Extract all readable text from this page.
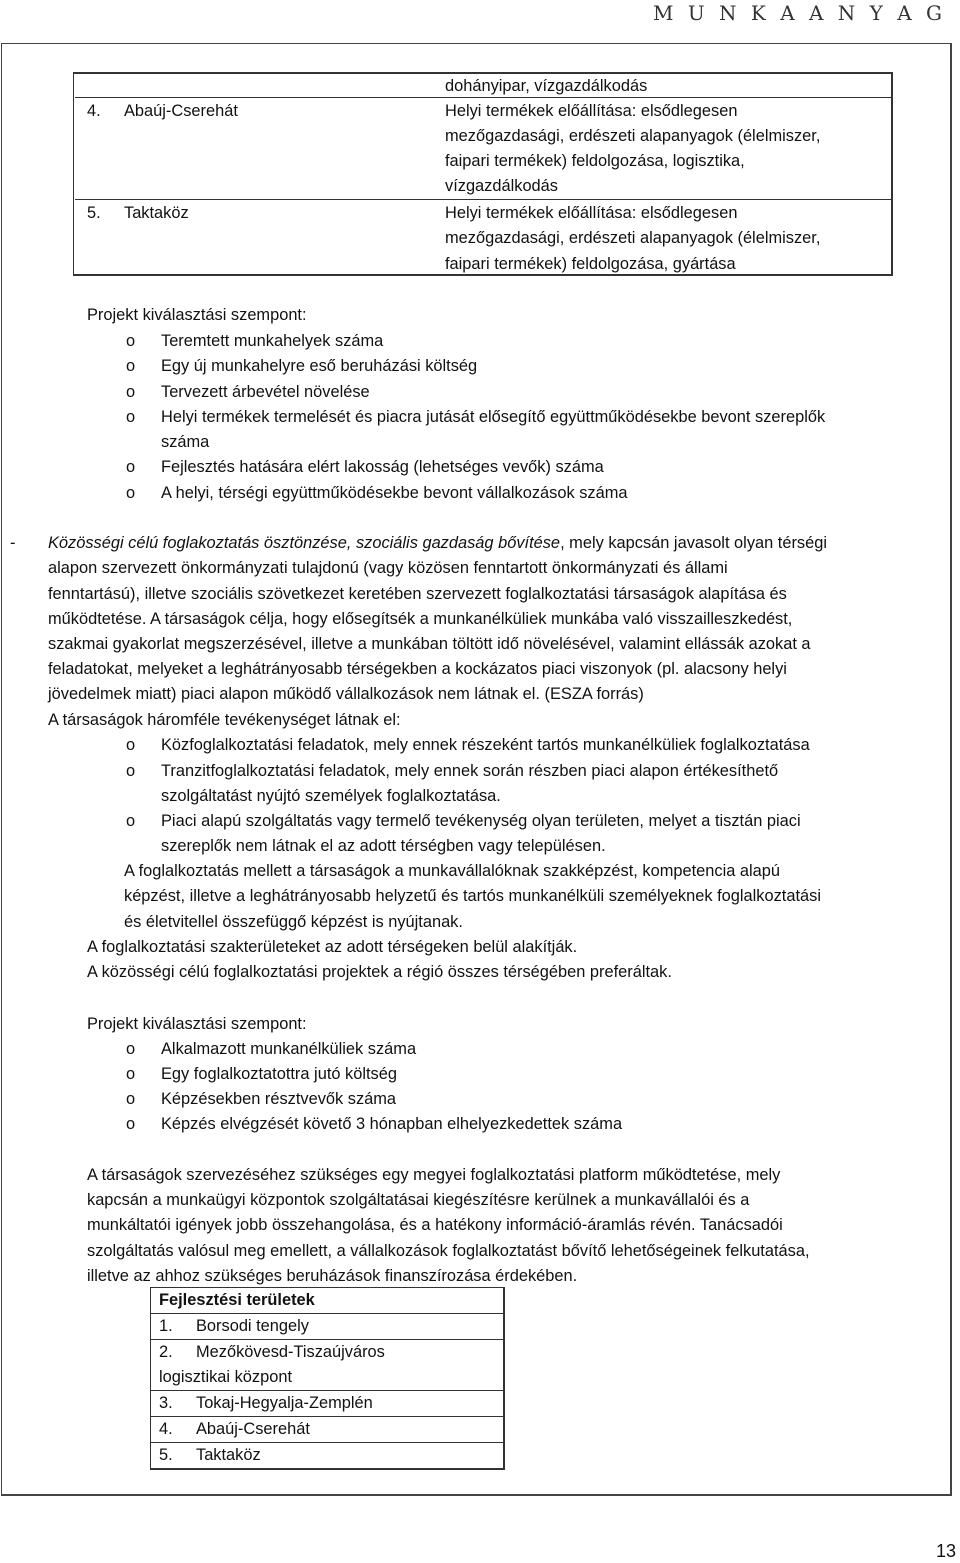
M U N K A A N Y A G
dohányipar, vízgazdálkodás
4. Abaúj-Cserehát	Helyi termékek előállítása: elsődlegesen
mezőgazdasági, erdészeti alapanyagok (élelmiszer,
faipari termékek) feldolgozása, logisztika,
vízgazdálkodás
5. Taktaköz	Helyi termékek előállítása: elsődlegesen
mezőgazdasági, erdészeti alapanyagok (élelmiszer,
faipari termékek) feldolgozása, gyártása
Projekt kiválasztási szempont:
o Teremtett munkahelyek száma
o Egy új munkahelyre eső beruházási költség
o Tervezett árbevétel növelése
o Helyi termékek termelését és piacra jutását elősegítő együttműködésekbe bevont szereplők
száma
o Fejlesztés hatására elért lakosság (lehetséges vevők) száma
o A helyi, térségi együttműködésekbe bevont vállalkozások száma
- Közösségi célú foglakoztatás ösztönzése, szociális gazdaság bővítése, mely kapcsán javasolt olyan térségi
alapon szervezett önkormányzati tulajdonú (vagy közösen fenntartott önkormányzati és állami
fenntartású), illetve szociális szövetkezet keretében szervezett foglalkoztatási társaságok alapítása és
működtetése. A társaságok célja, hogy elősegítsék a munkanélküliek munkába való visszailleszkedést,
szakmai gyakorlat megszerzésével, illetve a munkában töltött idő növelésével, valamint ellássák azokat a
feladatokat, melyeket a leghátrányosabb térségekben a kockázatos piaci viszonyok (pl. alacsony helyi
jövedelmek miatt) piaci alapon működő vállalkozások nem látnak el. (ESZA forrás)
A társaságok háromféle tevékenységet látnak el:
o Közfoglalkoztatási feladatok, mely ennek részeként tartós munkanélküliek foglalkoztatása
o Tranzitfoglalkoztatási feladatok, mely ennek során részben piaci alapon értékesíthető
szolgáltatást nyújtó személyek foglalkoztatása.
o Piaci alapú szolgáltatás vagy termelő tevékenység olyan területen, melyet a tisztán piaci
szereplők nem látnak el az adott térségben vagy településen.
A foglalkoztatás mellett a társaságok a munkavállalóknak szakképzést, kompetencia alapú
képzést, illetve a leghátrányosabb helyzetű és tartós munkanélküli személyeknek foglalkoztatási
és életvitellel összefüggő képzést is nyújtanak.
A foglalkoztatási szakterületeket az adott térségeken belül alakítják.
A közösségi célú foglalkoztatási projektek a régió összes térségében preferáltak.
Projekt kiválasztási szempont:
o Alkalmazott munkanélküliek száma
o Egy foglalkoztatottra jutó költség
o Képzésekben résztvevők száma
o Képzés elvégzését követő 3 hónapban elhelyezkedettek száma
A társaságok szervezéséhez szükséges egy megyei foglalkoztatási platform működtetése, mely
kapcsán a munkaügyi központok szolgáltatásai kiegészítésre kerülnek a munkavállalói és a
munkáltatói igények jobb összehangolása, és a hatékony információ-áramlás révén. Tanácsadói
szolgáltatás valósul meg emellett, a vállalkozások foglalkoztatást bővítő lehetőségeinek felkutatása,
illetve az ahhoz szükséges beruházások finanszírozása érdekében.
Fejlesztési területek
1. Borsodi tengely
2. Mezőkövesd-Tiszaújváros
logisztikai központ
3. Tokaj-Hegyalja-Zemplén
4. Abaúj-Cserehát
5. Taktaköz
13
